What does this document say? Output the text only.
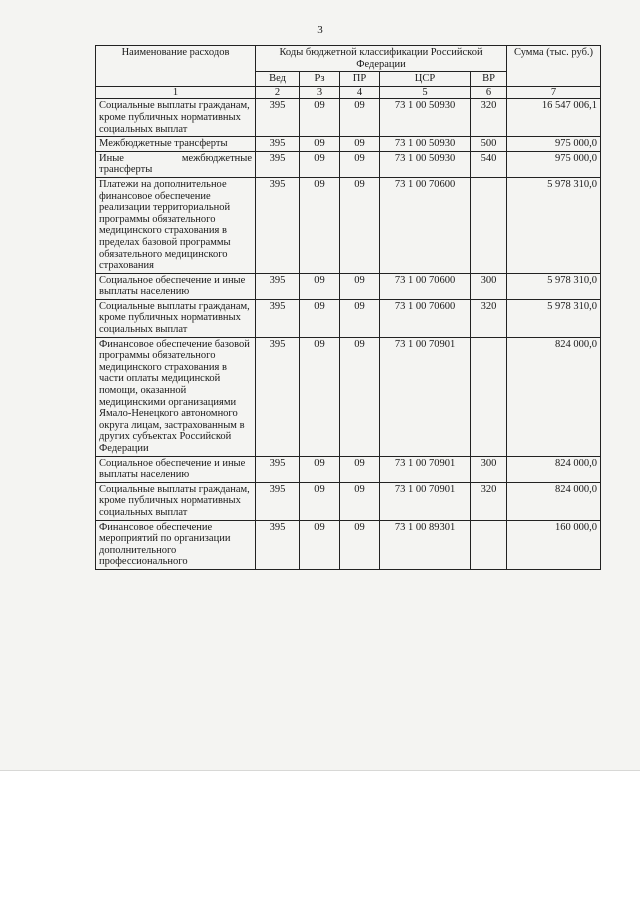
3
Наименование расходов	Коды бюджетной классификации Российской Федерации					Сумма (тыс. руб.)
	Вед	Рз	ПР	ЦСР	ВР	
1	2	3	4	5	6	7
Социальные выплаты гражданам, кроме публичных нормативных социальных выплат	395	09	09	73 1 00 50930	320	16 547 006,1
Межбюджетные трансферты	395	09	09	73 1 00 50930	500	975 000,0
Иные межбюджетные трансферты	395	09	09	73 1 00 50930	540	975 000,0
Платежи на дополнительное финансовое обеспечение реализации территориальной программы обязательного медицинского страхования в пределах базовой программы обязательного медицинского страхования	395	09	09	73 1 00 70600		5 978 310,0
Социальное обеспечение и иные выплаты населению	395	09	09	73 1 00 70600	300	5 978 310,0
Социальные выплаты гражданам, кроме публичных нормативных социальных выплат	395	09	09	73 1 00 70600	320	5 978 310,0
Финансовое обеспечение базовой программы обязательного медицинского страхования в части оплаты медицинской помощи, оказанной медицинскими организациями Ямало-Ненецкого автономного округа лицам, застрахованным в других субъектах Российской Федерации	395	09	09	73 1 00 70901		824 000,0
Социальное обеспечение и иные выплаты населению	395	09	09	73 1 00 70901	300	824 000,0
Социальные выплаты гражданам, кроме публичных нормативных социальных выплат	395	09	09	73 1 00 70901	320	824 000,0
Финансовое обеспечение мероприятий по организации дополнительного профессионального	395	09	09	73 1 00 89301		160 000,0
